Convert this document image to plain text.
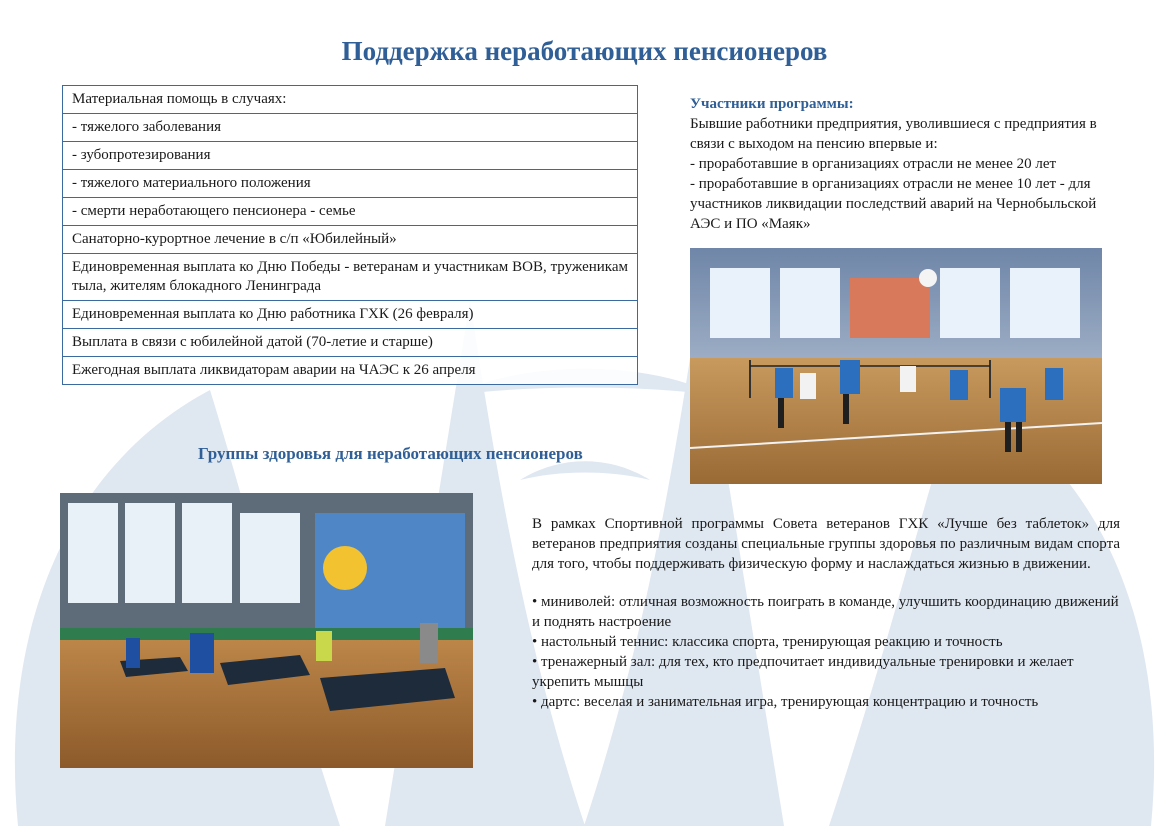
Поддержка неработающих пенсионеров
Материальная помощь в случаях:
- тяжелого заболевания
- зубопротезирования
- тяжелого материального положения
- смерти неработающего пенсионера - семье
Санаторно-курортное лечение в с/п «Юбилейный»
Единовременная выплата ко Дню Победы - ветеранам и участникам ВОВ, труженикам тыла, жителям блокадного Ленинграда
Единовременная выплата ко Дню работника ГХК (26 февраля)
Выплата в связи с юбилейной датой (70-летие и старше)
Ежегодная выплата ликвидаторам аварии на ЧАЭС к 26 апреля
Участники программы:
Бывшие работники предприятия, уволившиеся с предприятия в связи с выходом на пенсию впервые и:
- проработавшие в организациях отрасли не менее 20 лет
- проработавшие в организациях отрасли не менее 10 лет - для участников ликвидации последствий аварий на Чернобыльской АЭС и ПО «Маяк»
Группы здоровья для неработающих пенсионеров

В рамках Спортивной программы Совета ветеранов ГХК «Лучше без таблеток» для ветеранов предприятия созданы специальные группы здоровья по различным видам спорта для того, чтобы поддерживать физическую форму и наслаждаться жизнью в движении.

• миниволей: отличная возможность поиграть в команде, улучшить координацию движений и поднять настроение

• настольный теннис: классика спорта, тренирующая реакцию и точность

• тренажерный зал: для тех, кто предпочитает индивидуальные тренировки и желает укрепить мышцы

• дартс: веселая и занимательная игра, тренирующая концентрацию и точность
